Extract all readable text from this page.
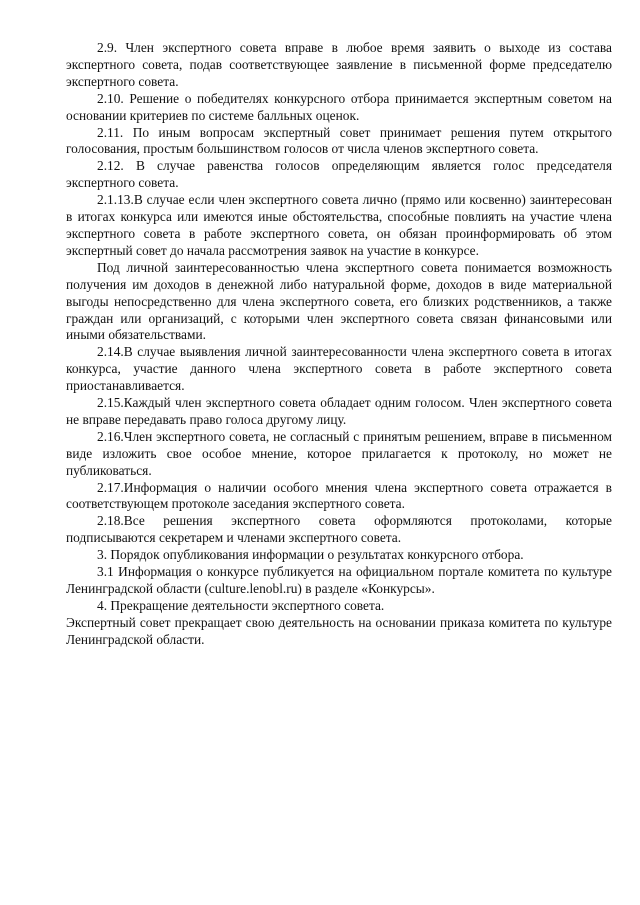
2.9. Член экспертного совета вправе в любое время заявить о выходе из состава экспертного совета, подав соответствующее заявление в письменной форме председателю экспертного совета.

2.10. Решение о победителях конкурсного отбора принимается экспертным советом на основании критериев по системе балльных оценок.

2.11. По иным вопросам экспертный совет принимает решения путем открытого голосования, простым большинством голосов от числа членов экспертного совета.

2.12. В случае равенства голосов определяющим является голос председателя экспертного совета.

2.1.13.В случае если член экспертного совета лично (прямо или косвенно) заинтересован в итогах конкурса или имеются иные обстоятельства, способные повлиять на участие члена экспертного совета в работе экспертного совета, он обязан проинформировать об этом экспертный совет до начала рассмотрения заявок на участие в конкурсе.

Под личной заинтересованностью члена экспертного совета понимается возможность получения им доходов в денежной либо натуральной форме, доходов в виде материальной выгоды непосредственно для члена экспертного совета, его близких родственников, а также граждан или организаций, с которыми член экспертного совета связан финансовыми или иными обязательствами.

2.14.В случае выявления личной заинтересованности члена экспертного совета в итогах конкурса, участие данного члена экспертного совета в работе экспертного совета приостанавливается.

2.15.Каждый член экспертного совета обладает одним голосом. Член экспертного совета не вправе передавать право голоса другому лицу.

2.16.Член экспертного совета, не согласный с принятым решением, вправе в письменном виде изложить свое особое мнение, которое прилагается к протоколу, но может не публиковаться.

2.17.Информация о наличии особого мнения члена экспертного совета отражается в соответствующем протоколе заседания экспертного совета.

2.18.Все решения экспертного совета оформляются протоколами, которые подписываются секретарем и членами экспертного совета.

3. Порядок опубликования информации о результатах конкурсного отбора.

3.1 Информация о конкурсе публикуется на официальном портале комитета по культуре Ленинградской области (culture.lenobl.ru) в разделе «Конкурсы».

4. Прекращение деятельности экспертного совета.

Экспертный совет прекращает свою деятельность на основании приказа комитета по культуре Ленинградской области.
